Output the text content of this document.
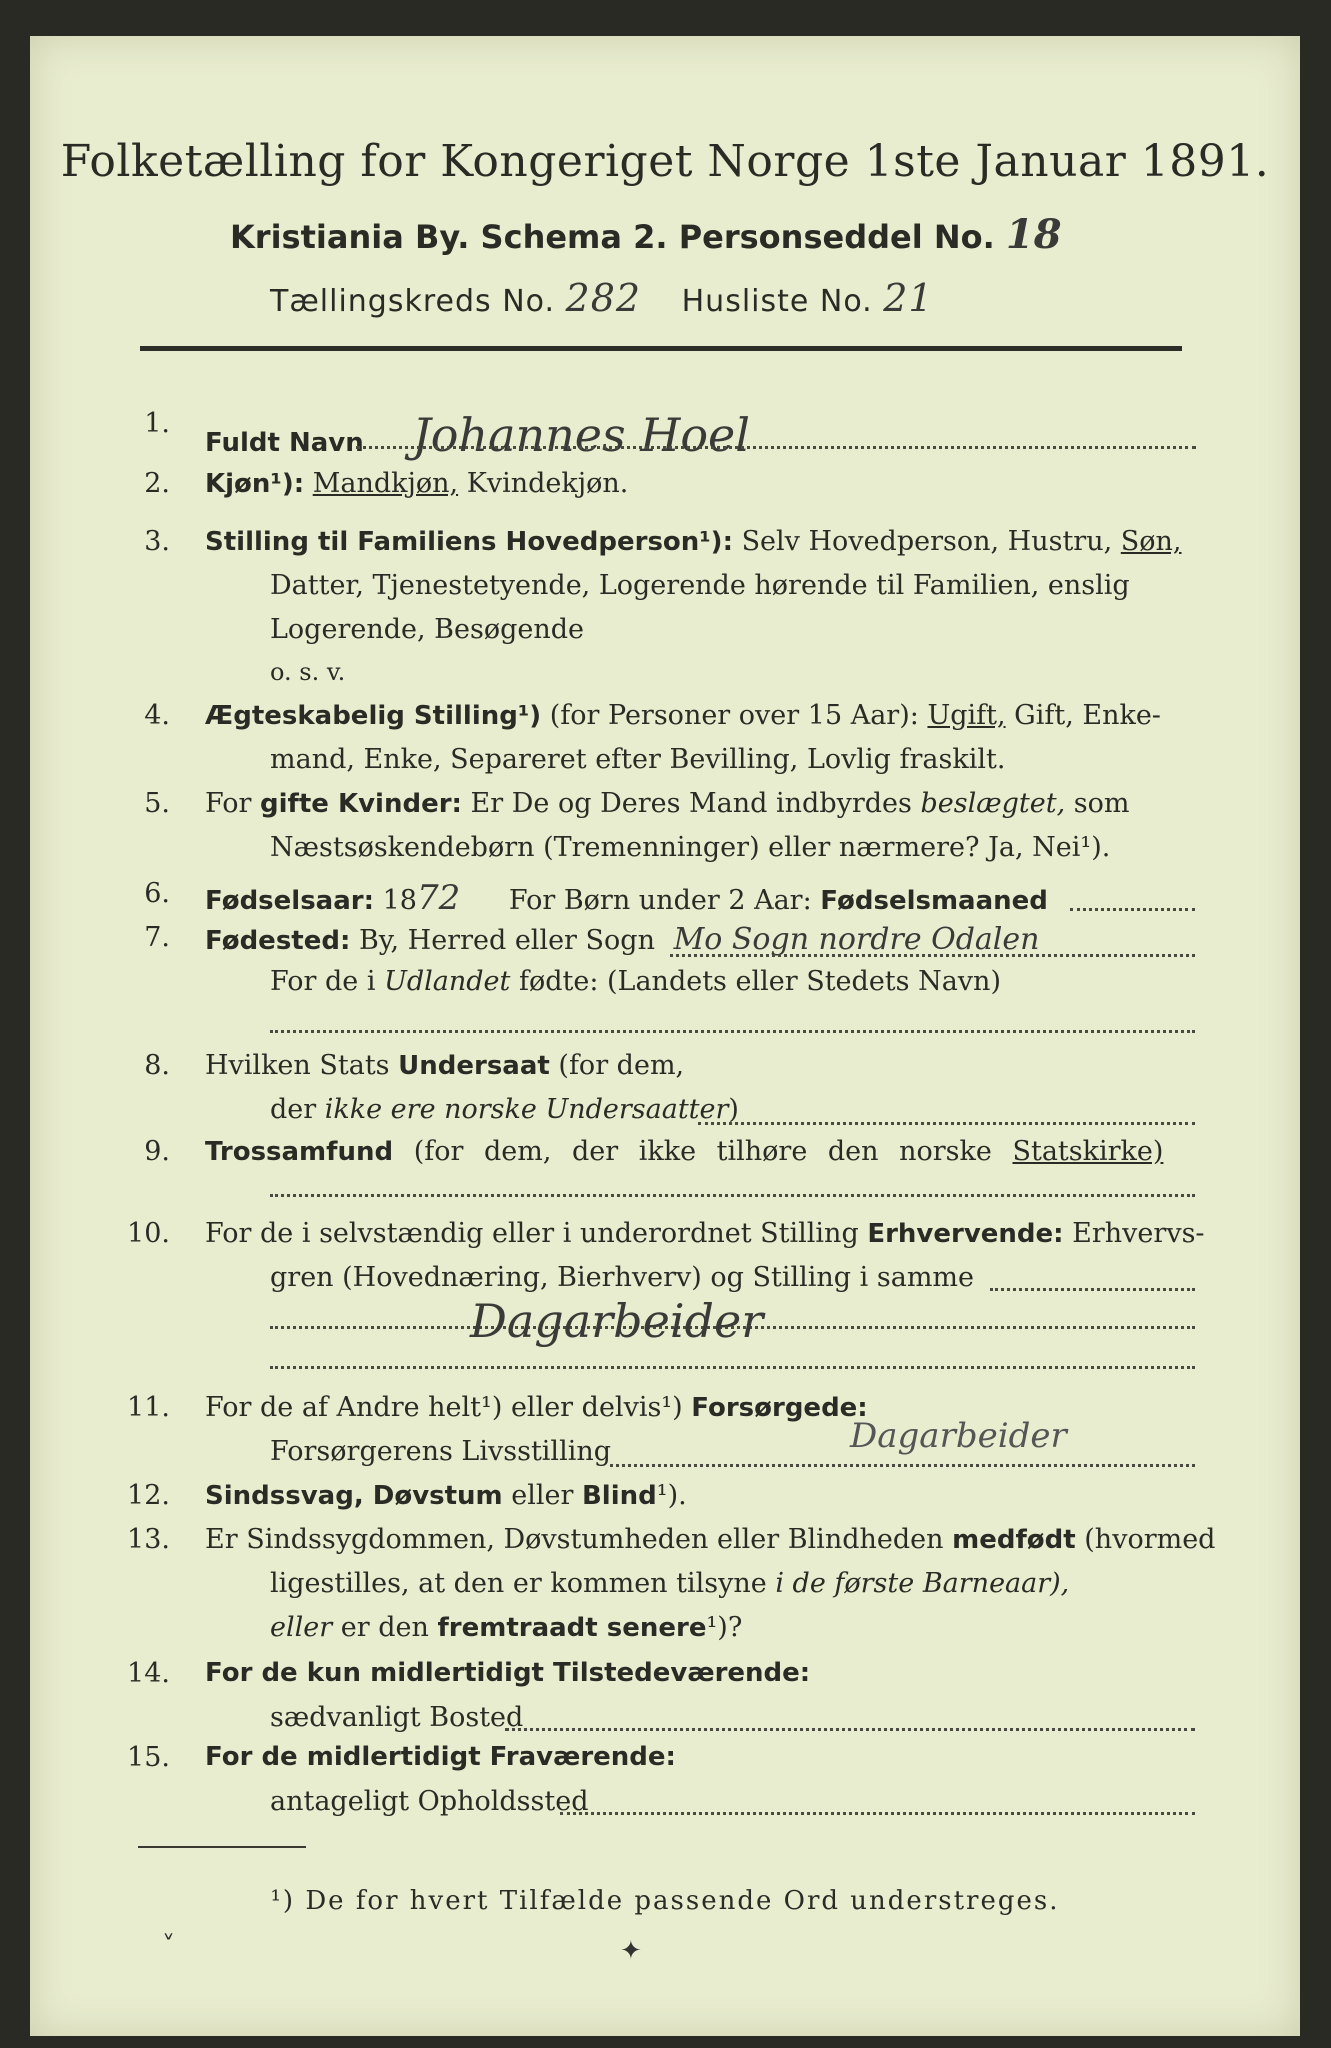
Folketælling for Kongeriget Norge 1ste Januar 1891.
Kristiania By. Schema 2. Personseddel No. 18
Tællingskreds No. 282 Husliste No. 21
1.
Fuldt Navn Johannes Hoel
2. Kjøn¹): Mandkjøn, Kvindekjøn.
3. Stilling til Familiens Hovedperson¹): Selv Hovedperson, Hustru, Søn,
Datter, Tjenestetyende, Logerende hørende til Familien, enslig
Logerende, Besøgende
o. s. v.
4. Ægteskabelig Stilling¹) (for Personer over 15 Aar): Ugift, Gift, Enke-
mand, Enke, Separeret efter Bevilling, Lovlig fraskilt.
5. For gifte Kvinder: Er De og Deres Mand indbyrdes beslægtet, som
Næstsøskendebørn (Tremenninger) eller nærmere? Ja, Nei¹).
6. Fødselsaar: 1872 For Børn under 2 Aar: Fødselsmaaned
7. Fødested: By, Herred eller Sogn Mo Sogn nordre Odalen
For de i Udlandet fødte: (Landets eller Stedets Navn)
8. Hvilken Stats Undersaat (for dem,
der ikke ere norske Undersaatter)
9. Trossamfund (for dem, der ikke tilhøre den norske Statskirke)
10. For de i selvstændig eller i underordnet Stilling Erhvervende: Erhvervs-
gren (Hovednæring, Bierhverv) og Stilling i samme
Dagarbeider
11. For de af Andre helt¹) eller delvis¹) Forsørgede:
Forsørgerens Livsstilling	Dagarbeider
12. Sindssvag, Døvstum eller Blind¹).
13. Er Sindssygdommen, Døvstumheden eller Blindheden medfødt (hvormed
ligestilles, at den er kommen tilsyne i de første Barneaar),
eller er den fremtraadt senere¹)?
14. For de kun midlertidigt Tilstedeværende:
sædvanligt Bosted
15. For de midlertidigt Fraværende:
antageligt Opholdssted
¹) De for hvert Tilfælde passende Ord understreges.
˅	✦
